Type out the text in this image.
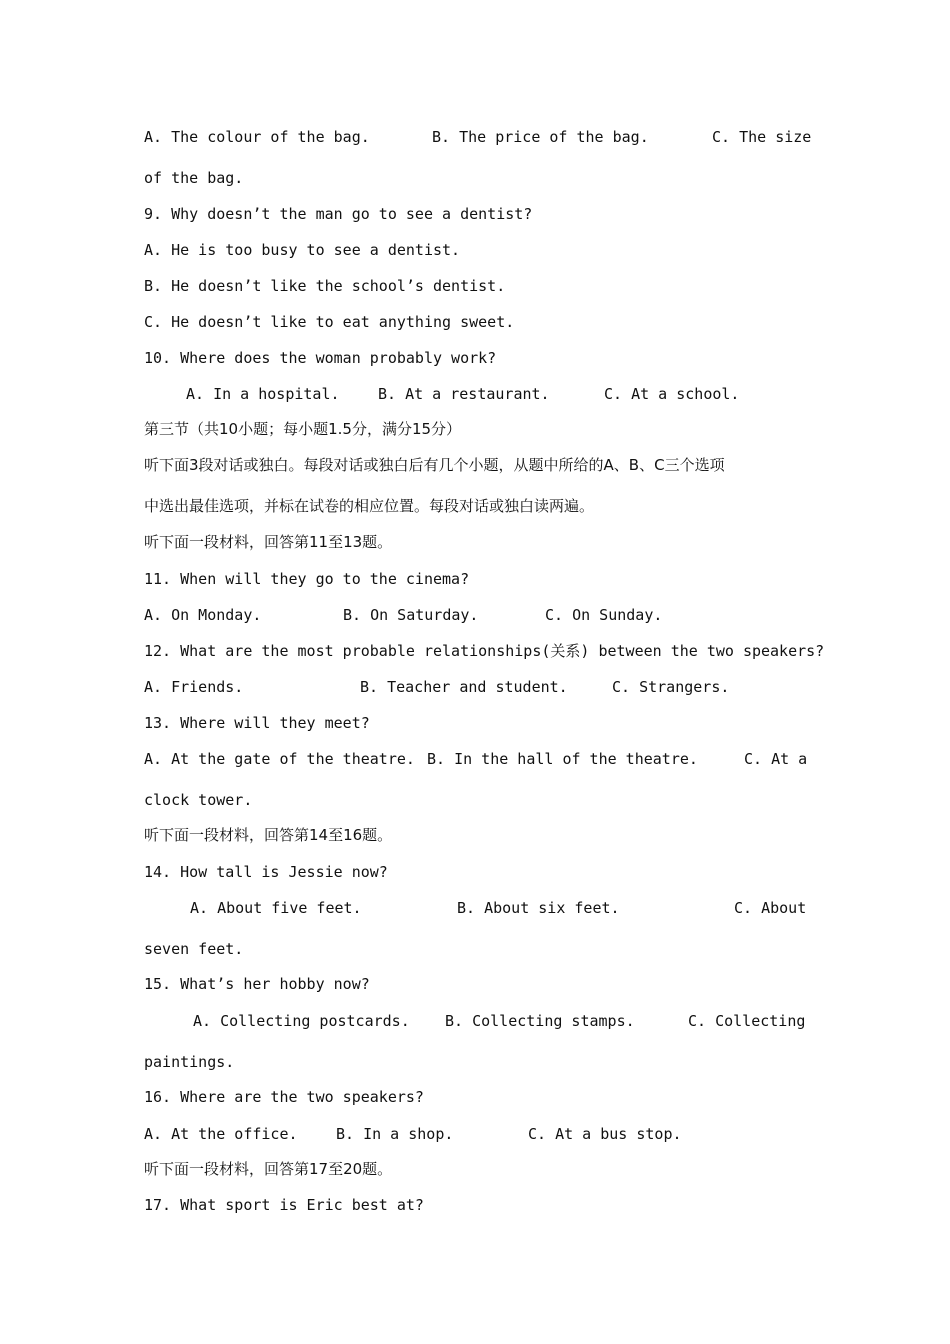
A. The colour of the bag.	B. The price of the bag.	C. The size
of the bag.
9. Why doesn’t the man go to see a dentist?
A. He is too busy to see a dentist.
B. He doesn’t like the school’s dentist.
C. He doesn’t like to eat anything sweet.
10. Where does the woman probably work?
A. In a hospital.	B. At a restaurant.	C. At a school.
第三节（共10小题；每小题1.5分，满分15分）
听下面3段对话或独白。每段对话或独白后有几个小题，从题中所给的A、B、C三个选项
中选出最佳选项，并标在试卷的相应位置。每段对话或独白读两遍。
听下面一段材料，回答第11至13题。
11. When will they go to the cinema?
A. On Monday.	B. On Saturday.	C. On Sunday.
12. What are the most probable relationships(关系) between the two speakers?
A. Friends.	B. Teacher and student.	C. Strangers.
13. Where will they meet?
A. At the gate of the theatre. B. In the hall of the theatre.	C. At a
clock tower.
听下面一段材料，回答第14至16题。
14. How tall is Jessie now?
A. About five feet.	B. About six feet.	C. About
seven feet.
15. What’s her hobby now?
A. Collecting postcards. B. Collecting stamps.	C. Collecting
paintings.
16. Where are the two speakers?
A. At the office.	B. In a shop.	C. At a bus stop.
听下面一段材料，回答第17至20题。
17. What sport is Eric best at?
